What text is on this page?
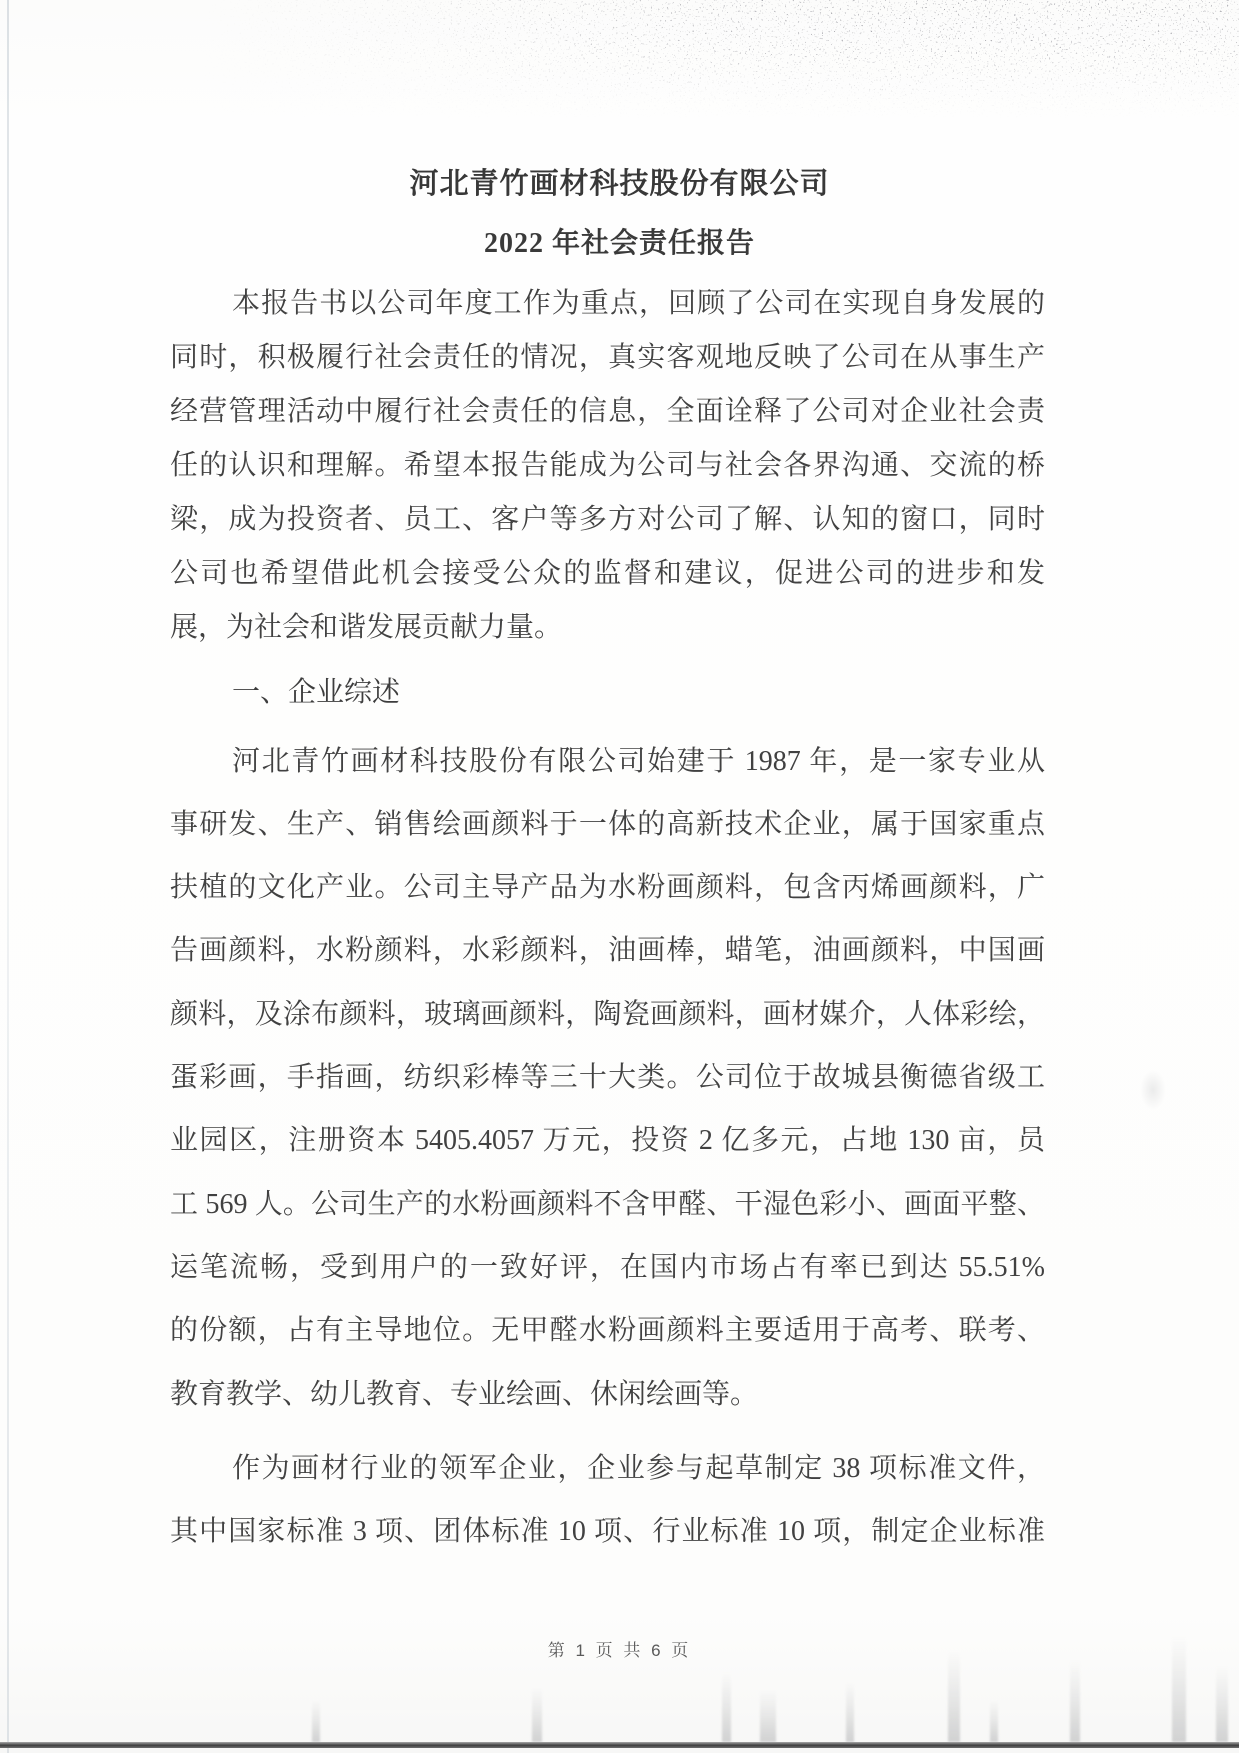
河北青竹画材科技股份有限公司
2022 年社会责任报告
本报告书以公司年度工作为重点，回顾了公司在实现自身发展的
同时，积极履行社会责任的情况，真实客观地反映了公司在从事生产
经营管理活动中履行社会责任的信息，全面诠释了公司对企业社会责
任的认识和理解。希望本报告能成为公司与社会各界沟通、交流的桥
梁，成为投资者、员工、客户等多方对公司了解、认知的窗口，同时
公司也希望借此机会接受公众的监督和建议，促进公司的进步和发
展，为社会和谐发展贡献力量。
一、企业综述
河北青竹画材科技股份有限公司始建于 1987 年，是一家专业从
事研发、生产、销售绘画颜料于一体的高新技术企业，属于国家重点
扶植的文化产业。公司主导产品为水粉画颜料，包含丙烯画颜料，广
告画颜料，水粉颜料，水彩颜料，油画棒，蜡笔，油画颜料，中国画
颜料，及涂布颜料，玻璃画颜料，陶瓷画颜料，画材媒介，人体彩绘，
蛋彩画，手指画，纺织彩棒等三十大类。公司位于故城县衡德省级工
业园区，注册资本 5405.4057 万元，投资 2 亿多元，占地 130 亩，员
工 569 人。公司生产的水粉画颜料不含甲醛、干湿色彩小、画面平整、
运笔流畅，受到用户的一致好评，在国内市场占有率已到达 55.51%
的份额，占有主导地位。无甲醛水粉画颜料主要适用于高考、联考、
教育教学、幼儿教育、专业绘画、休闲绘画等。
作为画材行业的领军企业，企业参与起草制定 38 项标准文件，
其中国家标准 3 项、团体标准 10 项、行业标准 10 项，制定企业标准
第 1 页 共 6 页
